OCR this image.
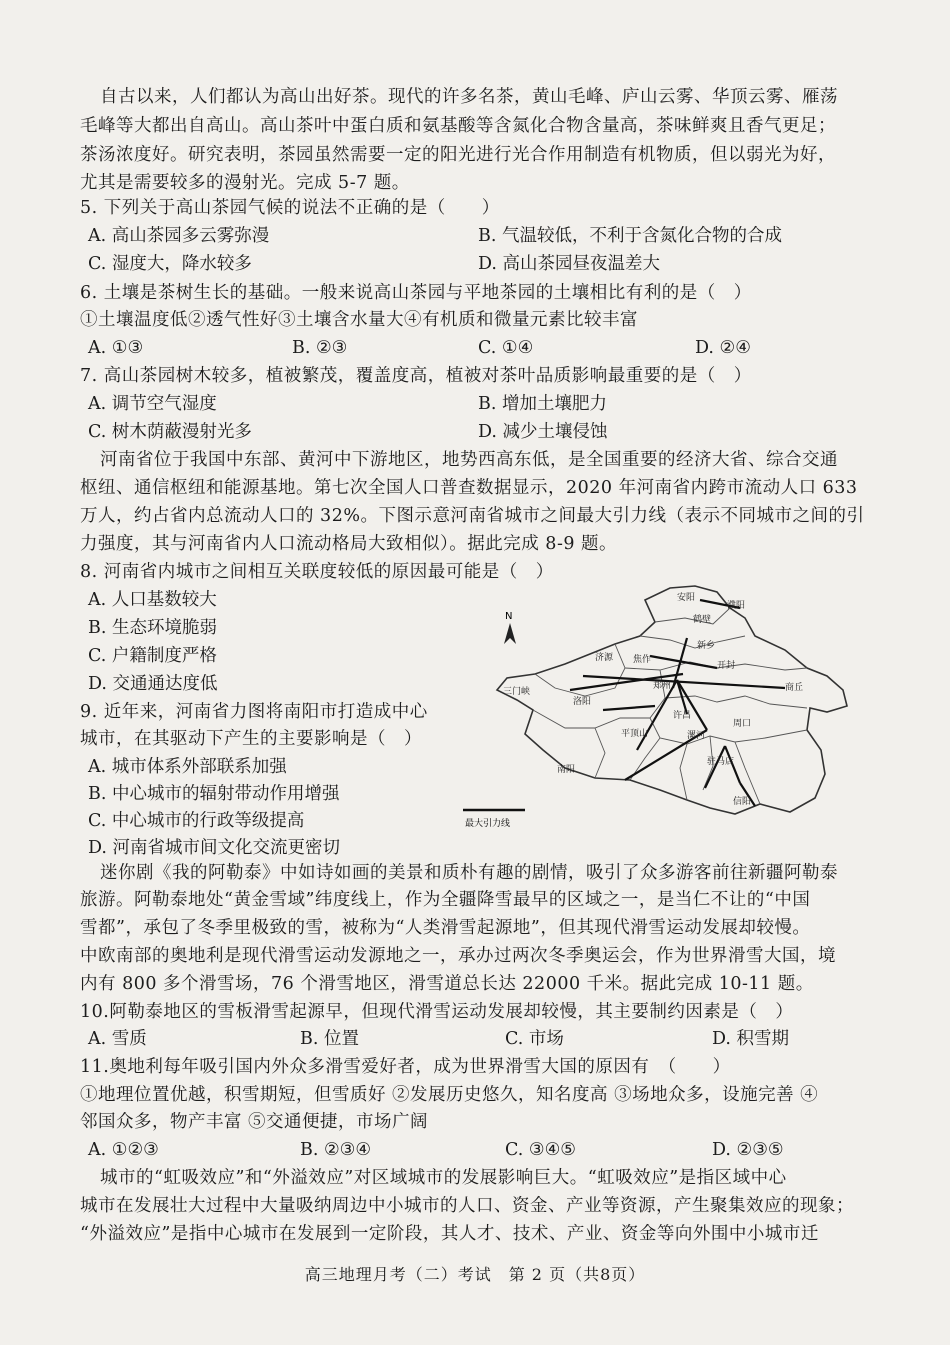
自古以来，人们都认为高山出好茶。现代的许多名茶，黄山毛峰、庐山云雾、华顶云雾、雁荡
毛峰等大都出自高山。高山茶叶中蛋白质和氨基酸等含氮化合物含量高，茶味鲜爽且香气更足；
茶汤浓度好。研究表明，茶园虽然需要一定的阳光进行光合作用制造有机物质，但以弱光为好，
尤其是需要较多的漫射光。完成 5-7 题。
5. 下列关于高山茶园气候的说法不正确的是（　　）
A. 高山茶园多云雾弥漫	B. 气温较低，不利于含氮化合物的合成
C. 湿度大，降水较多	D. 高山茶园昼夜温差大
6. 土壤是茶树生长的基础。一般来说高山茶园与平地茶园的土壤相比有利的是（　）
①土壤温度低②透气性好③土壤含水量大④有机质和微量元素比较丰富
A. ①③	B. ②③	C. ①④	D. ②④
7. 高山茶园树木较多，植被繁茂，覆盖度高，植被对茶叶品质影响最重要的是（　）
A. 调节空气湿度	B. 增加土壤肥力
C. 树木荫蔽漫射光多	D. 减少土壤侵蚀
河南省位于我国中东部、黄河中下游地区，地势西高东低，是全国重要的经济大省、综合交通
枢纽、通信枢纽和能源基地。第七次全国人口普查数据显示，2020 年河南省内跨市流动人口 633
万人，约占省内总流动人口的 32%。下图示意河南省城市之间最大引力线（表示不同城市之间的引
力强度，其与河南省内人口流动格局大致相似）。据此完成 8-9 题。
8. 河南省内城市之间相互关联度较低的原因最可能是（　）
A. 人口基数较大
B. 生态环境脆弱
C. 户籍制度严格
D. 交通通达度低
9. 近年来，河南省力图将南阳市打造成中心
城市，在其驱动下产生的主要影响是（　）
A. 城市体系外部联系加强
B. 中心城市的辐射带动作用增强
C. 中心城市的行政等级提高
D. 河南省城市间文化交流更密切
N
安阳
濮阳
鹤壁
新乡
济源 焦作
开封
商丘
三门峡
洛阳
郑州
许昌
平顶山	漯河
周口
南阳
驻马店
信阳
最大引力线
迷你剧《我的阿勒泰》中如诗如画的美景和质朴有趣的剧情，吸引了众多游客前往新疆阿勒泰
旅游。阿勒泰地处“黄金雪域”纬度线上，作为全疆降雪最早的区域之一，是当仁不让的“中国
雪都”，承包了冬季里极致的雪，被称为“人类滑雪起源地”，但其现代滑雪运动发展却较慢。
中欧南部的奥地利是现代滑雪运动发源地之一，承办过两次冬季奥运会，作为世界滑雪大国，境
内有 800 多个滑雪场，76 个滑雪地区，滑雪道总长达 22000 千米。据此完成 10-11 题。
10.阿勒泰地区的雪板滑雪起源早，但现代滑雪运动发展却较慢，其主要制约因素是（　）
A. 雪质	B. 位置	C. 市场	D. 积雪期
11.奥地利每年吸引国内外众多滑雪爱好者，成为世界滑雪大国的原因有　（　　）
①地理位置优越，积雪期短，但雪质好 ②发展历史悠久，知名度高 ③场地众多，设施完善 ④
邻国众多，物产丰富 ⑤交通便捷，市场广阔
A. ①②③	B. ②③④	C. ③④⑤	D. ②③⑤
城市的“虹吸效应”和“外溢效应”对区域城市的发展影响巨大。“虹吸效应”是指区域中心
城市在发展壮大过程中大量吸纳周边中小城市的人口、资金、产业等资源，产生聚集效应的现象；
“外溢效应”是指中心城市在发展到一定阶段，其人才、技术、产业、资金等向外围中小城市迁
高三地理月考（二）考试　第 2 页（共8页）
